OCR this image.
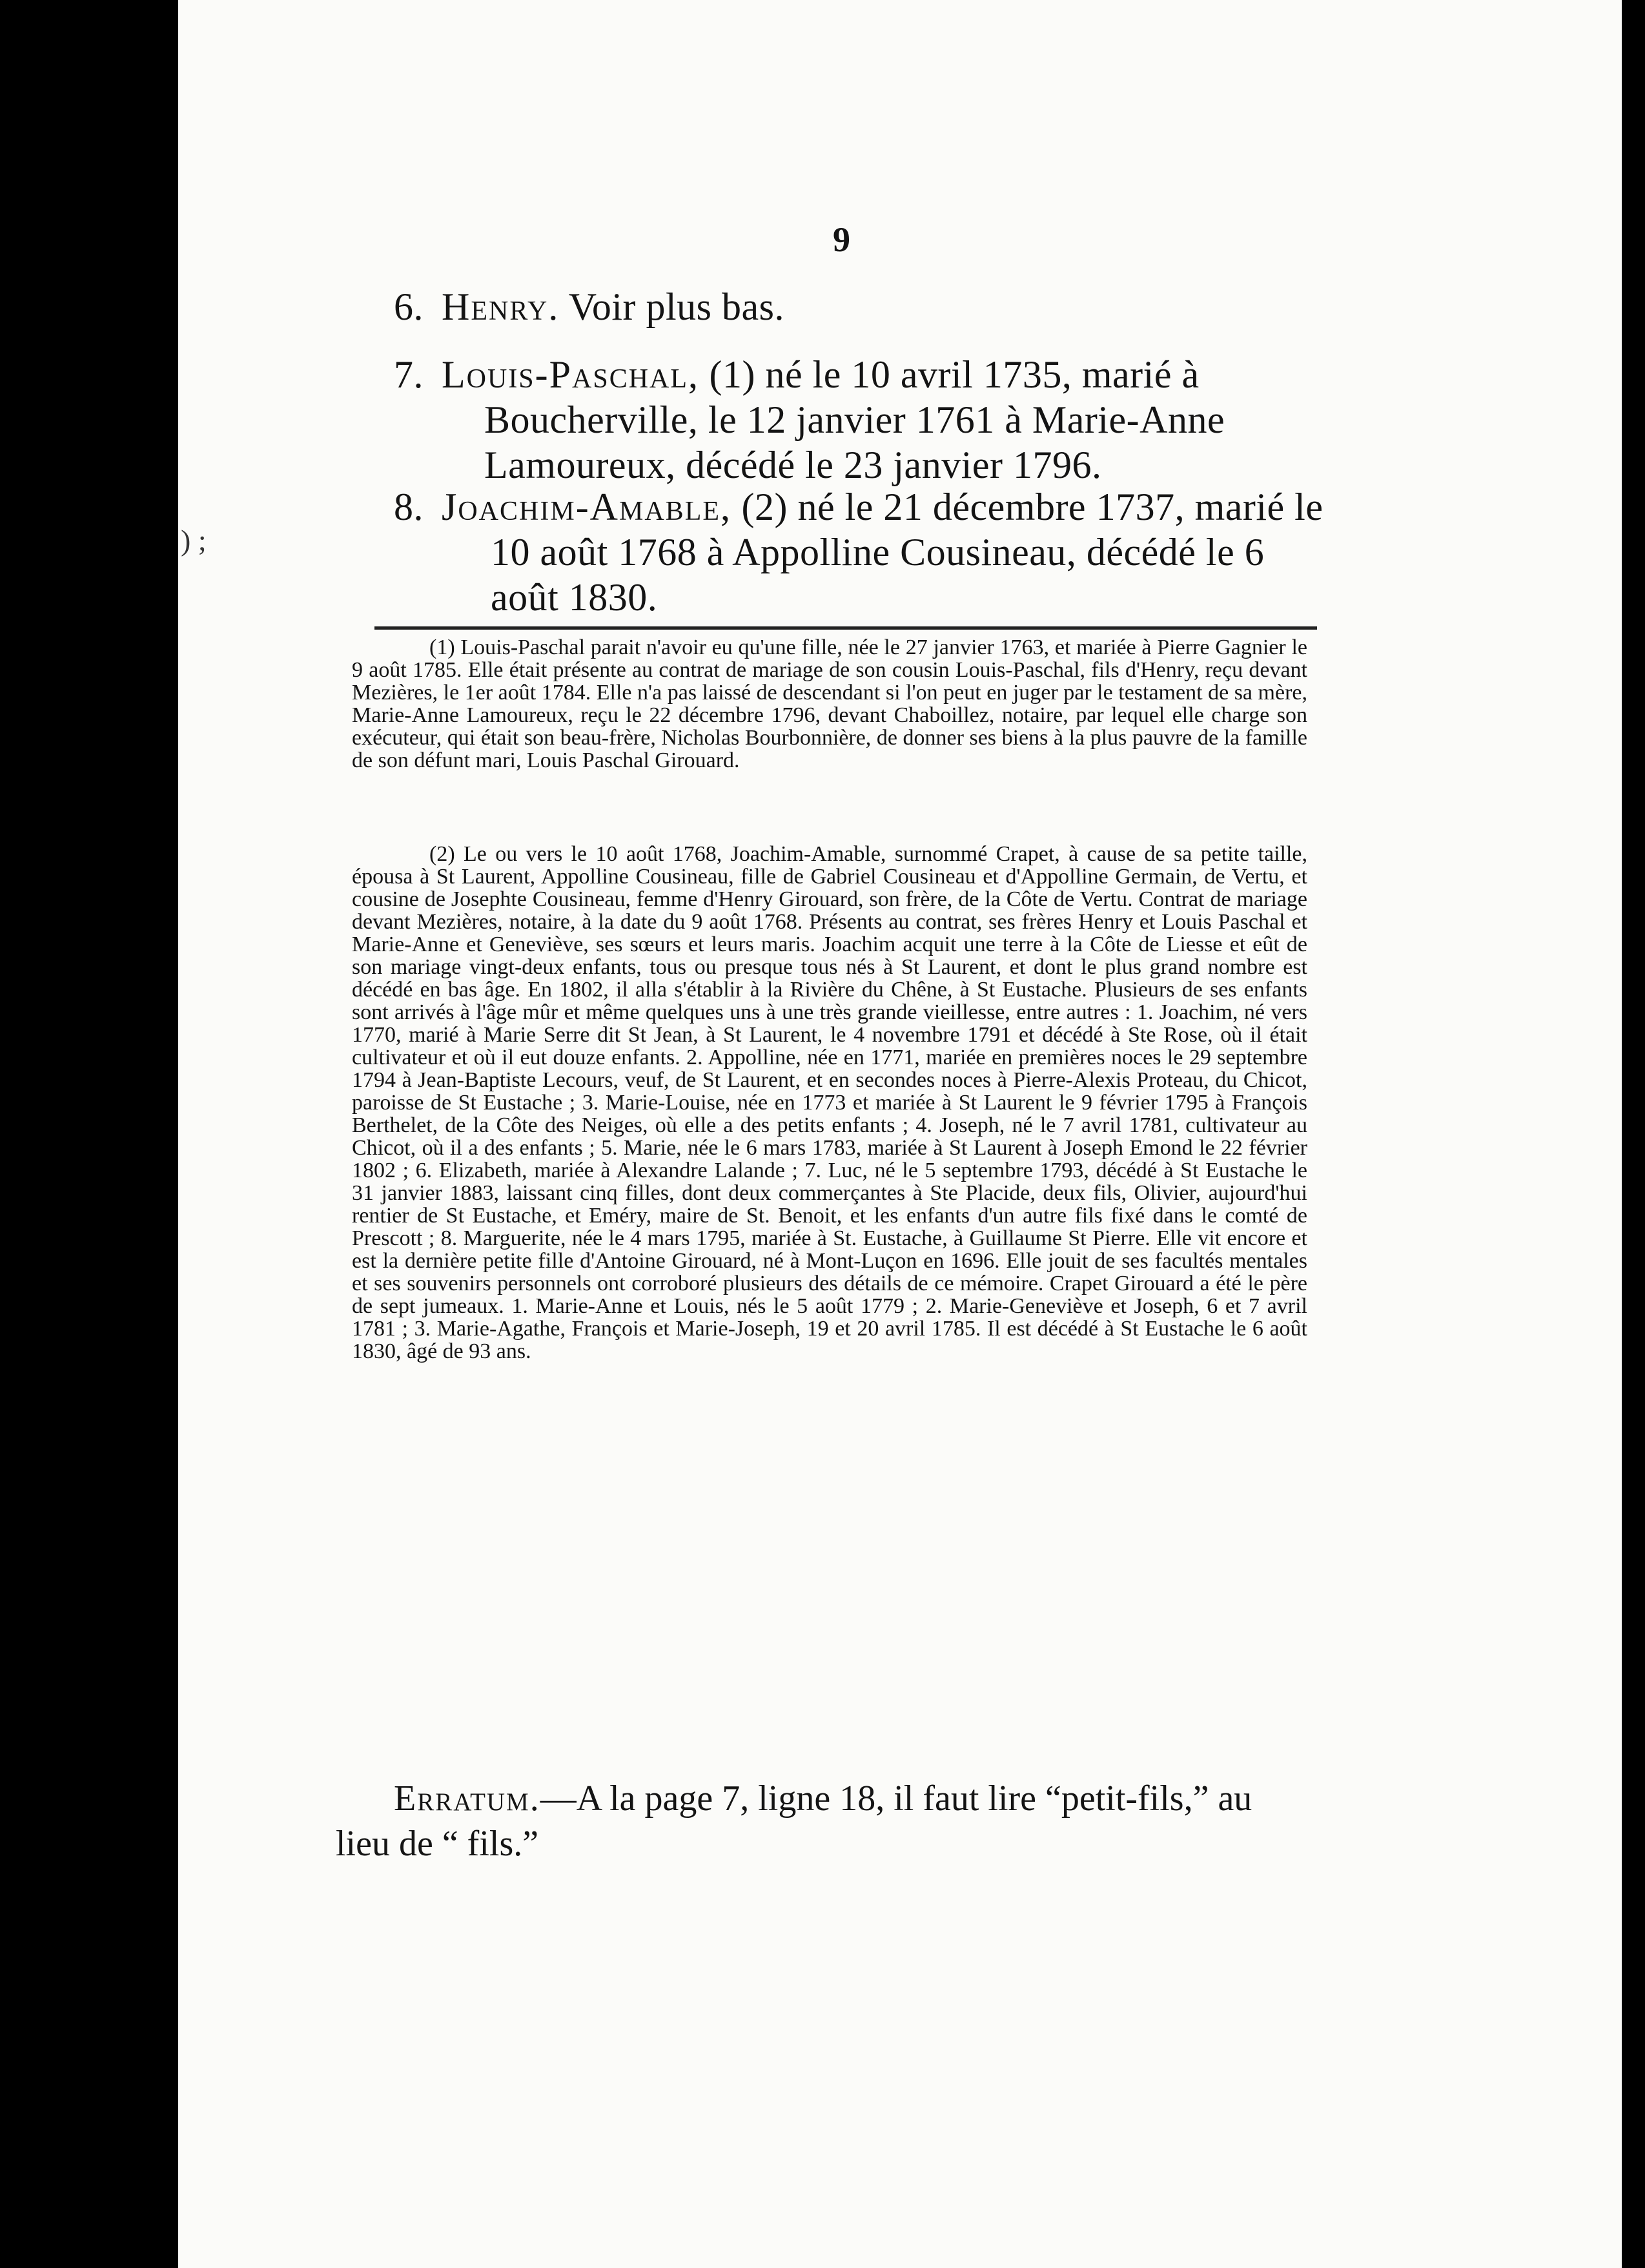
) ;
9
6. Henry. Voir plus bas.
7. Louis-Paschal, (1) né le 10 avril 1735, marié à Boucherville, le 12 janvier 1761 à Marie-Anne Lamoureux, décédé le 23 janvier 1796.
8. Joachim-Amable, (2) né le 21 décembre 1737, marié le 10 août 1768 à Appolline Cousineau, décédé le 6 août 1830.
(1) Louis-Paschal parait n'avoir eu qu'une fille, née le 27 janvier 1763, et mariée à Pierre Gagnier le 9 août 1785. Elle était présente au contrat de mariage de son cousin Louis-Paschal, fils d'Henry, reçu devant Mezières, le 1er août 1784. Elle n'a pas laissé de descendant si l'on peut en juger par le testament de sa mère, Marie-Anne Lamoureux, reçu le 22 décembre 1796, devant Chaboillez, notaire, par lequel elle charge son exécuteur, qui était son beau-frère, Nicholas Bourbonnière, de donner ses biens à la plus pauvre de la famille de son défunt mari, Louis Paschal Girouard.
(2) Le ou vers le 10 août 1768, Joachim-Amable, surnommé Crapet, à cause de sa petite taille, épousa à St Laurent, Appolline Cousineau, fille de Gabriel Cousineau et d'Appolline Germain, de Vertu, et cousine de Josephte Cousineau, femme d'Henry Girouard, son frère, de la Côte de Vertu. Contrat de mariage devant Mezières, notaire, à la date du 9 août 1768. Présents au contrat, ses frères Henry et Louis Paschal et Marie-Anne et Geneviève, ses sœurs et leurs maris. Joachim acquit une terre à la Côte de Liesse et eût de son mariage vingt-deux enfants, tous ou presque tous nés à St Laurent, et dont le plus grand nombre est décédé en bas âge. En 1802, il alla s'établir à la Rivière du Chêne, à St Eustache. Plusieurs de ses enfants sont arrivés à l'âge mûr et même quelques uns à une très grande vieillesse, entre autres : 1. Joachim, né vers 1770, marié à Marie Serre dit St Jean, à St Laurent, le 4 novembre 1791 et décédé à Ste Rose, où il était cultivateur et où il eut douze enfants. 2. Appolline, née en 1771, mariée en premières noces le 29 septembre 1794 à Jean-Baptiste Lecours, veuf, de St Laurent, et en secondes noces à Pierre-Alexis Proteau, du Chicot, paroisse de St Eustache ; 3. Marie-Louise, née en 1773 et mariée à St Laurent le 9 février 1795 à François Berthelet, de la Côte des Neiges, où elle a des petits enfants ; 4. Joseph, né le 7 avril 1781, cultivateur au Chicot, où il a des enfants ; 5. Marie, née le 6 mars 1783, mariée à St Laurent à Joseph Emond le 22 février 1802 ; 6. Elizabeth, mariée à Alexandre Lalande ; 7. Luc, né le 5 septembre 1793, décédé à St Eustache le 31 janvier 1883, laissant cinq filles, dont deux commerçantes à Ste Placide, deux fils, Olivier, aujourd'hui rentier de St Eustache, et Eméry, maire de St. Benoit, et les enfants d'un autre fils fixé dans le comté de Prescott ; 8. Marguerite, née le 4 mars 1795, mariée à St. Eustache, à Guillaume St Pierre. Elle vit encore et est la dernière petite fille d'Antoine Girouard, né à Mont-Luçon en 1696. Elle jouit de ses facultés mentales et ses souvenirs personnels ont corroboré plusieurs des détails de ce mémoire. Crapet Girouard a été le père de sept jumeaux. 1. Marie-Anne et Louis, nés le 5 août 1779 ; 2. Marie-Geneviève et Joseph, 6 et 7 avril 1781 ; 3. Marie-Agathe, François et Marie-Joseph, 19 et 20 avril 1785. Il est décédé à St Eustache le 6 août 1830, âgé de 93 ans.
Erratum.—A la page 7, ligne 18, il faut lire “petit-fils,” au lieu de “ fils.”
